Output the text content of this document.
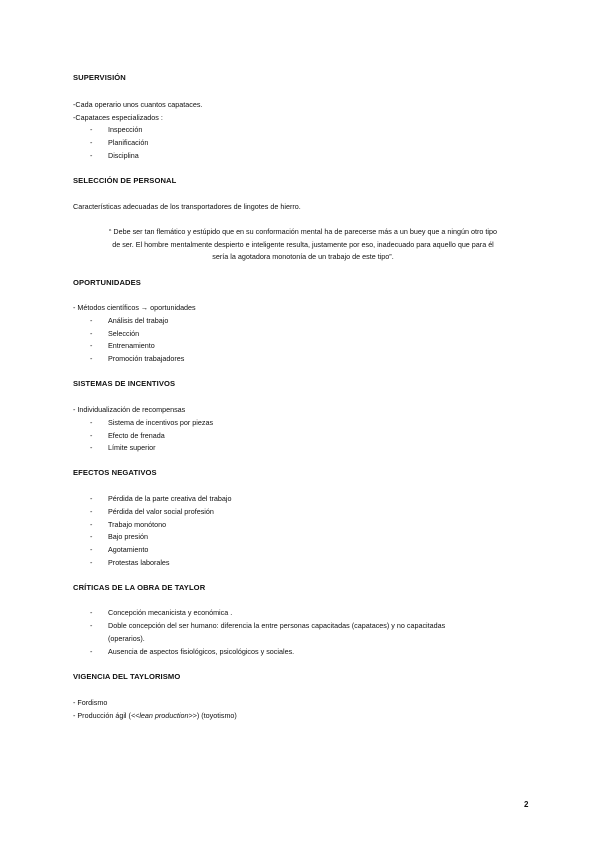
SUPERVISIÓN
-Cada operario unos cuantos capataces.
-Capataces especializados :
- Inspección
- Planificación
- Disciplina
SELECCIÓN DE PERSONAL
Características adecuadas de los transportadores de lingotes de hierro.
“ Debe ser tan flemático y estúpido que en su conformación mental ha de parecerse más a un buey que a ningún otro tipo
de ser. El hombre mentalmente despierto e inteligente resulta, justamente por eso, inadecuado para aquello que para él
sería la agotadora monotonía de un trabajo de este tipo”.
OPORTUNIDADES
- Métodos científicos → oportunidades
- Análisis del trabajo
- Selección
- Entrenamiento
- Promoción trabajadores
SISTEMAS DE INCENTIVOS
- Individualización de recompensas
- Sistema de incentivos por piezas
- Efecto de frenada
- Límite superior
EFECTOS NEGATIVOS
- Pérdida de la parte creativa del trabajo
- Pérdida del valor social profesión
- Trabajo monótono
- Bajo presión
- Agotamiento
- Protestas laborales
CRÍTICAS DE LA OBRA DE TAYLOR
- Concepción mecanicista y económica .
- Doble concepción del ser humano: diferencia la entre personas capacitadas (capataces) y no capacitadas
(operarios).
- Ausencia de aspectos fisiológicos, psicológicos y sociales.
VIGENCIA DEL TAYLORISMO
- Fordismo
- Producción ágil (<<lean production>>) (toyotismo)
2
